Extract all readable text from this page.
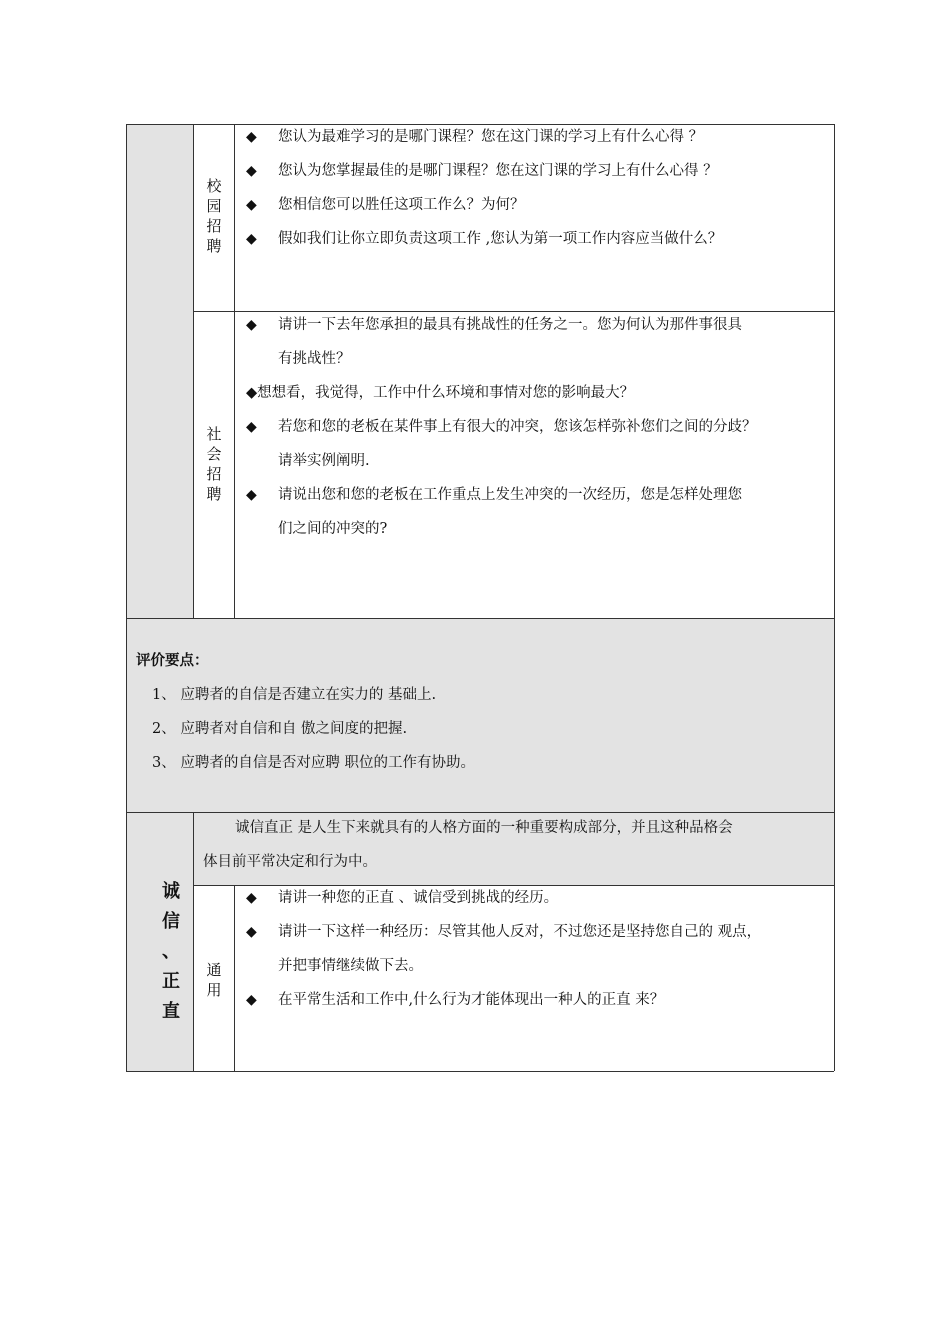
校
园
招
聘
◆ 您认为最难学习的是哪门课程？您在这门课的学习上有什么心得 ？
◆ 您认为您掌握最佳的是哪门课程？您在这门课的学习上有什么心得 ？
◆ 您相信您可以胜任这项工作么？为何？
◆ 假如我们让你立即负责这项工作 ,您认为第一项工作内容应当做什么？
社
会
招
聘
◆ 请讲一下去年您承担的最具有挑战性的任务之一。您为何认为那件事很具
有挑战性？
◆想想看，我觉得，工作中什么环境和事情对您的影响最大？
◆ 若您和您的老板在某件事上有很大的冲突，您该怎样弥补您们之间的分歧？
请举实例阐明.
◆ 请说出您和您的老板在工作重点上发生冲突的一次经历，您是怎样处理您
们之间的冲突的?
评价要点：
1、 应聘者的自信是否建立在实力的 基础上.
2、 应聘者对自信和自 傲之间度的把握.
3、 应聘者的自信是否对应聘 职位的工作有协助。
诚
信
、
正
直
诚信直正 是人生下来就具有的人格方面的一种重要构成部分，并且这种品格会
体目前平常决定和行为中。
通
用
◆ 请讲一种您的正直 、诚信受到挑战的经历。
◆ 请讲一下这样一种经历：尽管其他人反对，不过您还是坚持您自己的 观点，
并把事情继续做下去。
◆ 在平常生活和工作中,什么行为才能体现出一种人的正直 来？
